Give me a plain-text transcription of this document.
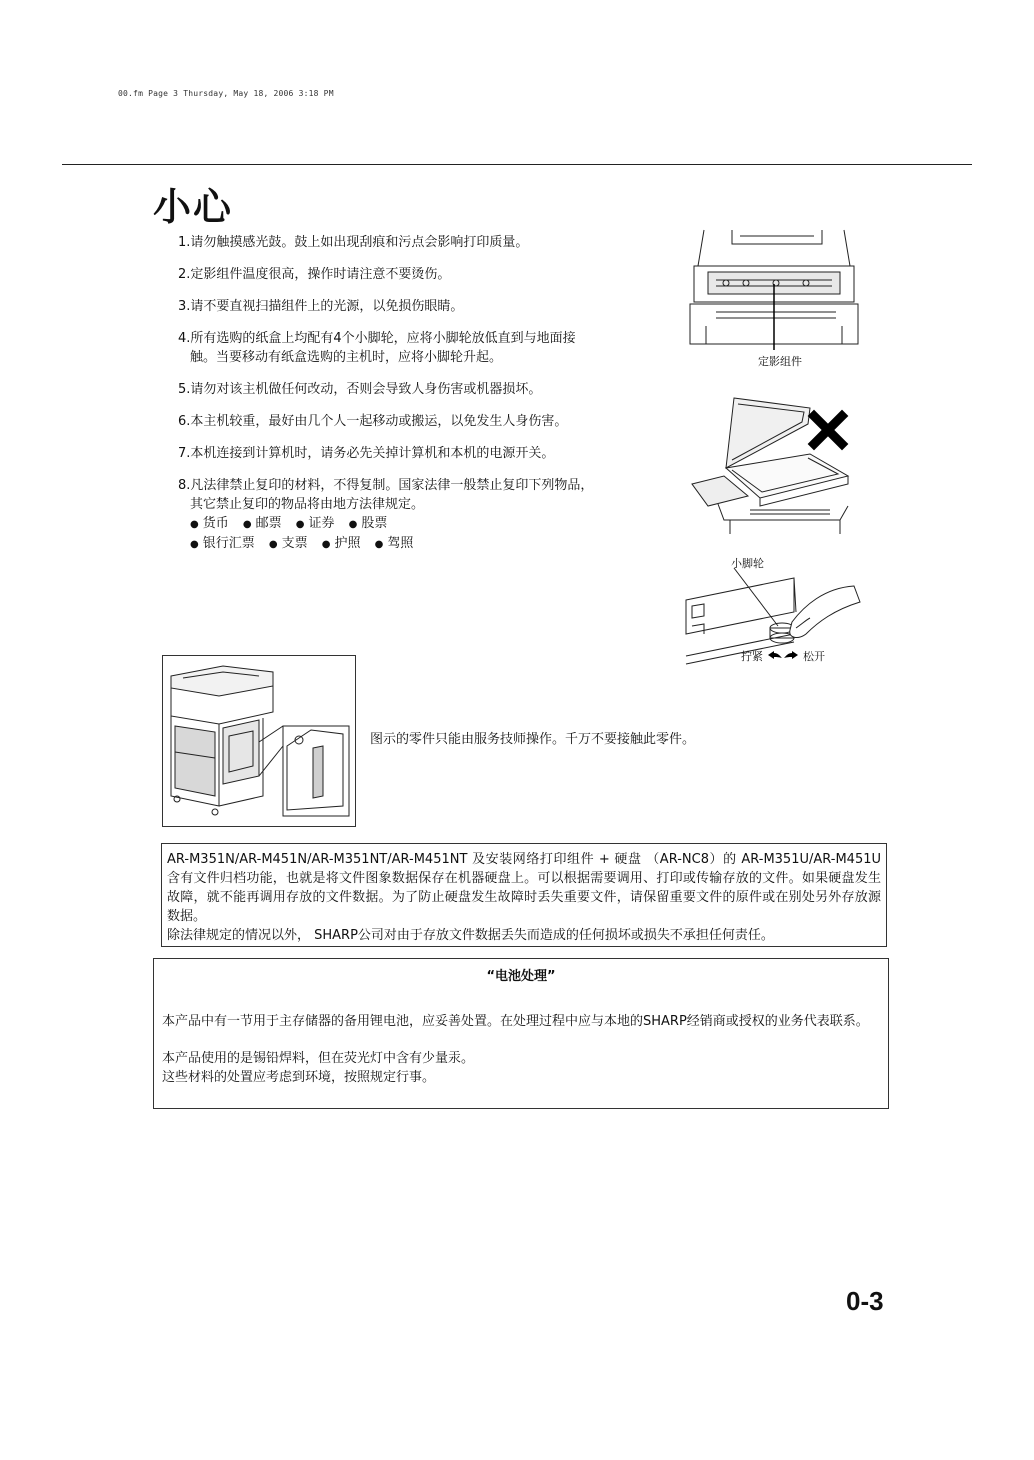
00.fm Page 3 Thursday, May 18, 2006 3:18 PM
小心
1.请勿触摸感光鼓。鼓上如出现刮痕和污点会影响打印质量。
2.定影组件温度很高，操作时请注意不要烫伤。
3.请不要直视扫描组件上的光源，以免损伤眼睛。
4.所有选购的纸盒上均配有4个小脚轮，应将小脚轮放低直到与地面接
触。当要移动有纸盒选购的主机时，应将小脚轮升起。
5.请勿对该主机做任何改动，否则会导致人身伤害或机器损坏。
6.本主机较重，最好由几个人一起移动或搬运，以免发生人身伤害。
7.本机连接到计算机时，请务必先关掉计算机和本机的电源开关。
8.凡法律禁止复印的材料，不得复制。国家法律一般禁止复印下列物品，
其它禁止复印的物品将由地方法律规定。
● 货币 ● 邮票 ● 证券 ● 股票
● 银行汇票 ● 支票 ● 护照 ● 驾照
定影组件
小脚轮
拧紧	松开
图示的零件只能由服务技师操作。千万不要接触此零件。

AR-M351N/AR-M451N/AR-M351NT/AR-M451NT 及安装网络打印组件 + 硬盘 （AR-NC8）的 AR-M351U/AR-M451U含有文件归档功能，也就是将文件图象数据保存在机器硬盘上。可以根据需要调用、打印或传输存放的文件。如果硬盘发生故障，就不能再调用存放的文件数据。为了防止硬盘发生故障时丢失重要文件，请保留重要文件的原件或在别处另外存放源数据。

除法律规定的情况以外， SHARP公司对由于存放文件数据丢失而造成的任何损坏或损失不承担任何责任。

“电池处理”

本产品中有一节用于主存储器的备用锂电池，应妥善处置。在处理过程中应与本地的SHARP经销商或授权的业务代表联系。

本产品使用的是锡铅焊料，但在荧光灯中含有少量汞。

这些材料的处置应考虑到环境，按照规定行事。

0-3
